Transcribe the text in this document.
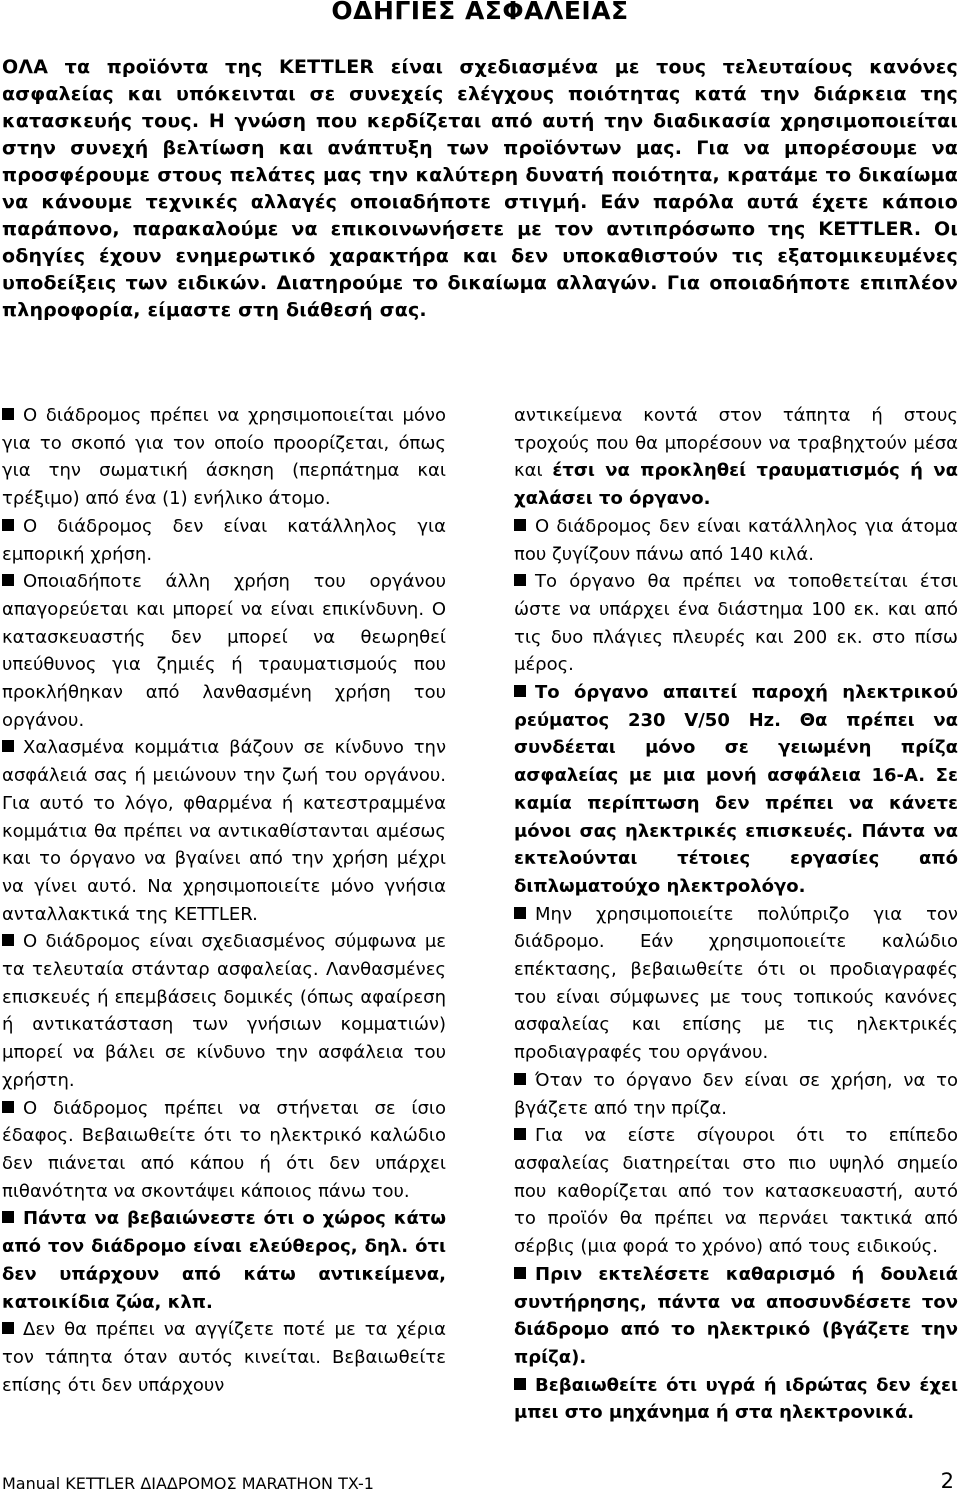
ΟΔΗΓΙΕΣ ΑΣΦΑΛΕΙΑΣ
ΟΛΑ τα προϊόντα της KETTLER είναι σχεδιασμένα με τους τελευταίους κανόνες ασφαλείας και υπόκεινται σε συνεχείς ελέγχους ποιότητας κατά την διάρκεια της κατασκευής τους. Η γνώση που κερδίζεται από αυτή την διαδικασία χρησιμοποιείται στην συνεχή βελτίωση και ανάπτυξη των προϊόντων μας. Για να μπορέσουμε να προσφέρουμε στους πελάτες μας την καλύτερη δυνατή ποιότητα, κρατάμε το δικαίωμα να κάνουμε τεχνικές αλλαγές οποιαδήποτε στιγμή. Εάν παρόλα αυτά έχετε κάποιο παράπονο, παρακαλούμε να επικοινωνήσετε με τον αντιπρόσωπο της KETTLER. Οι οδηγίες έχουν ενημερωτικό χαρακτήρα και δεν υποκαθιστούν τις εξατομικευμένες υποδείξεις των ειδικών. Διατηρούμε το δικαίωμα αλλαγών. Για οποιαδήποτε επιπλέον πληροφορία, είμαστε στη διάθεσή σας.

Ο διάδρομος πρέπει να χρησιμοποιείται μόνο για το σκοπό για τον οποίο προορίζεται, όπως για την σωματική άσκηση (περπάτημα και τρέξιμο) από ένα (1) ενήλικο άτομο.

Ο διάδρομος δεν είναι κατάλληλος για εμπορική χρήση.

Οποιαδήποτε άλλη χρήση του οργάνου απαγορεύεται και μπορεί να είναι επικίνδυνη. Ο κατασκευαστής δεν μπορεί να θεωρηθεί υπεύθυνος για ζημιές ή τραυματισμούς που προκλήθηκαν από λανθασμένη χρήση του οργάνου.

Χαλασμένα κομμάτια βάζουν σε κίνδυνο την ασφάλειά σας ή μειώνουν την ζωή του οργάνου. Για αυτό το λόγο, φθαρμένα ή κατεστραμμένα κομμάτια θα πρέπει να αντικαθίστανται αμέσως και το όργανο να βγαίνει από την χρήση μέχρι να γίνει αυτό. Να χρησιμοποιείτε μόνο γνήσια ανταλλακτικά της KETTLER.

Ο διάδρομος είναι σχεδιασμένος σύμφωνα με τα τελευταία στάνταρ ασφαλείας. Λανθασμένες επισκευές ή επεμβάσεις δομικές (όπως αφαίρεση ή αντικατάσταση των γνήσιων κομματιών) μπορεί να βάλει σε κίνδυνο την ασφάλεια του χρήστη.

Ο διάδρομος πρέπει να στήνεται σε ίσιο έδαφος. Βεβαιωθείτε ότι το ηλεκτρικό καλώδιο δεν πιάνεται από κάπου ή ότι δεν υπάρχει πιθανότητα να σκοντάψει κάποιος πάνω του.

Πάντα να βεβαιώνεστε ότι ο χώρος κάτω από τον διάδρομο είναι ελεύθερος, δηλ. ότι δεν υπάρχουν από κάτω αντικείμενα, κατοικίδια ζώα, κλπ.

Δεν θα πρέπει να αγγίζετε ποτέ με τα χέρια τον τάπητα όταν αυτός κινείται. Βεβαιωθείτε επίσης ότι δεν υπάρχουν

αντικείμενα κοντά στον τάπητα ή στους τροχούς που θα μπορέσουν να τραβηχτούν μέσα και έτσι να προκληθεί τραυματισμός ή να χαλάσει το όργανο.

Ο διάδρομος δεν είναι κατάλληλος για άτομα που ζυγίζουν πάνω από 140 κιλά.

Το όργανο θα πρέπει να τοποθετείται έτσι ώστε να υπάρχει ένα διάστημα 100 εκ. και από τις δυο πλάγιες πλευρές και 200 εκ. στο πίσω μέρος.

Το όργανο απαιτεί παροχή ηλεκτρικού ρεύματος 230 V/50 Hz. Θα πρέπει να συνδέεται μόνο σε γειωμένη πρίζα ασφαλείας με μια μονή ασφάλεια 16-A. Σε καμία περίπτωση δεν πρέπει να κάνετε μόνοι σας ηλεκτρικές επισκευές. Πάντα να εκτελούνται τέτοιες εργασίες από διπλωματούχο ηλεκτρολόγο.

Μην χρησιμοποιείτε πολύπριζο για τον διάδρομο. Εάν χρησιμοποιείτε καλώδιο επέκτασης, βεβαιωθείτε ότι οι προδιαγραφές του είναι σύμφωνες με τους τοπικούς κανόνες ασφαλείας και επίσης με τις ηλεκτρικές προδιαγραφές του οργάνου.

Όταν το όργανο δεν είναι σε χρήση, να το βγάζετε από την πρίζα.

Για να είστε σίγουροι ότι το επίπεδο ασφαλείας διατηρείται στο πιο υψηλό σημείο που καθορίζεται από τον κατασκευαστή, αυτό το προϊόν θα πρέπει να περνάει τακτικά από σέρβις (μια φορά το χρόνο) από τους ειδικούς.

Πριν εκτελέσετε καθαρισμό ή δουλειά συντήρησης, πάντα να αποσυνδέσετε τον διάδρομο από το ηλεκτρικό (βγάζετε την πρίζα).

Βεβαιωθείτε ότι υγρά ή ιδρώτας δεν έχει μπει στο μηχάνημα ή στα ηλεκτρονικά.

Manual KETTLER ΔΙΑΔΡΟΜΟΣ MARATHON TX-1	2
